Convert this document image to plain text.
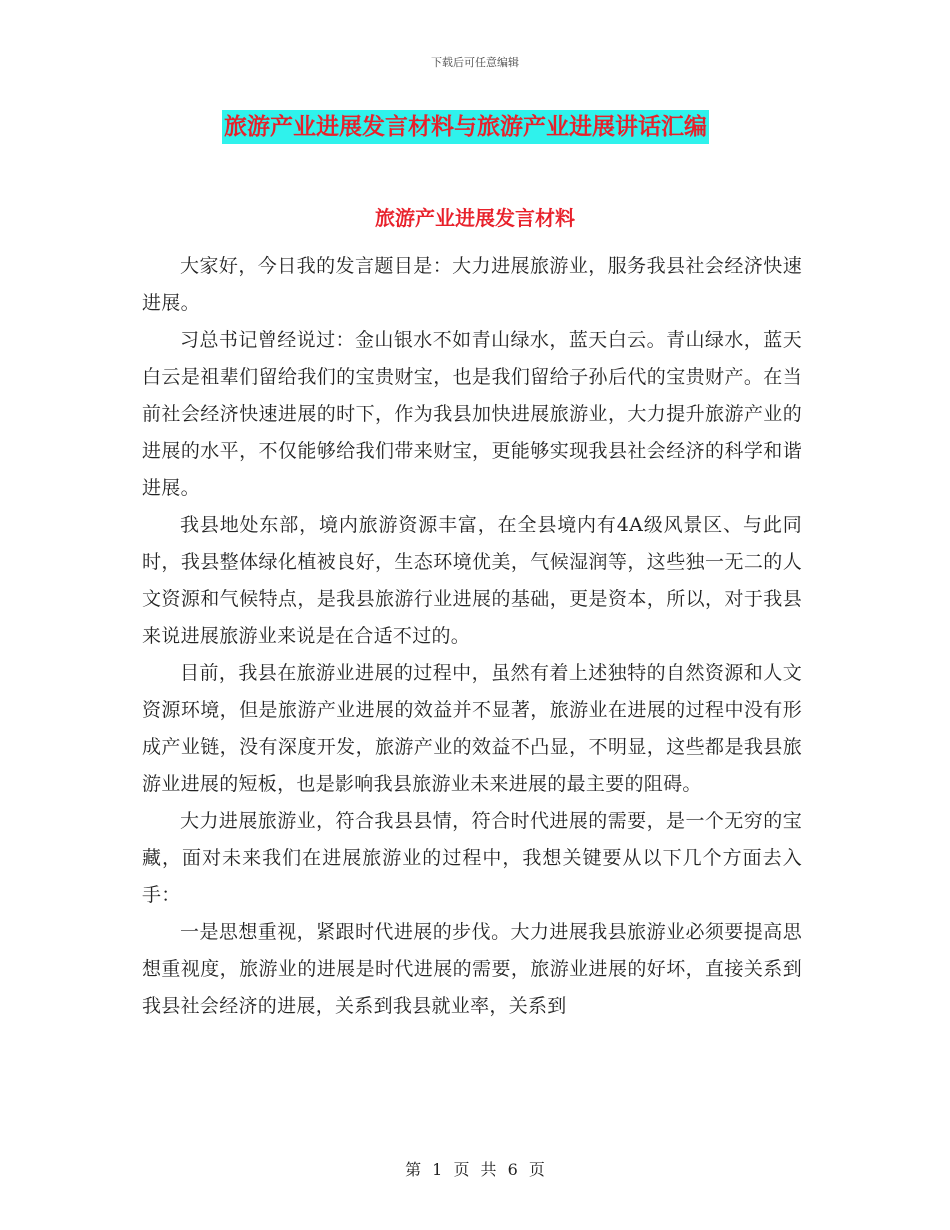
下载后可任意编辑
旅游产业进展发言材料与旅游产业进展讲话汇编
旅游产业进展发言材料

大家好，今日我的发言题目是：大力进展旅游业，服务我县社会经济快速进展。

习总书记曾经说过：金山银水不如青山绿水，蓝天白云。青山绿水，蓝天白云是祖辈们留给我们的宝贵财宝，也是我们留给子孙后代的宝贵财产。在当前社会经济快速进展的时下，作为我县加快进展旅游业，大力提升旅游产业的进展的水平，不仅能够给我们带来财宝，更能够实现我县社会经济的科学和谐进展。

我县地处东部，境内旅游资源丰富，在全县境内有4A级风景区、与此同时，我县整体绿化植被良好，生态环境优美，气候湿润等，这些独一无二的人文资源和气候特点，是我县旅游行业进展的基础，更是资本，所以，对于我县来说进展旅游业来说是在合适不过的。

目前，我县在旅游业进展的过程中，虽然有着上述独特的自然资源和人文资源环境，但是旅游产业进展的效益并不显著，旅游业在进展的过程中没有形成产业链，没有深度开发，旅游产业的效益不凸显，不明显，这些都是我县旅游业进展的短板，也是影响我县旅游业未来进展的最主要的阻碍。

大力进展旅游业，符合我县县情，符合时代进展的需要，是一个无穷的宝藏，面对未来我们在进展旅游业的过程中，我想关键要从以下几个方面去入手：

一是思想重视，紧跟时代进展的步伐。大力进展我县旅游业必须要提高思想重视度，旅游业的进展是时代进展的需要，旅游业进展的好坏，直接关系到我县社会经济的进展，关系到我县就业率，关系到

第 1 页 共 6 页
